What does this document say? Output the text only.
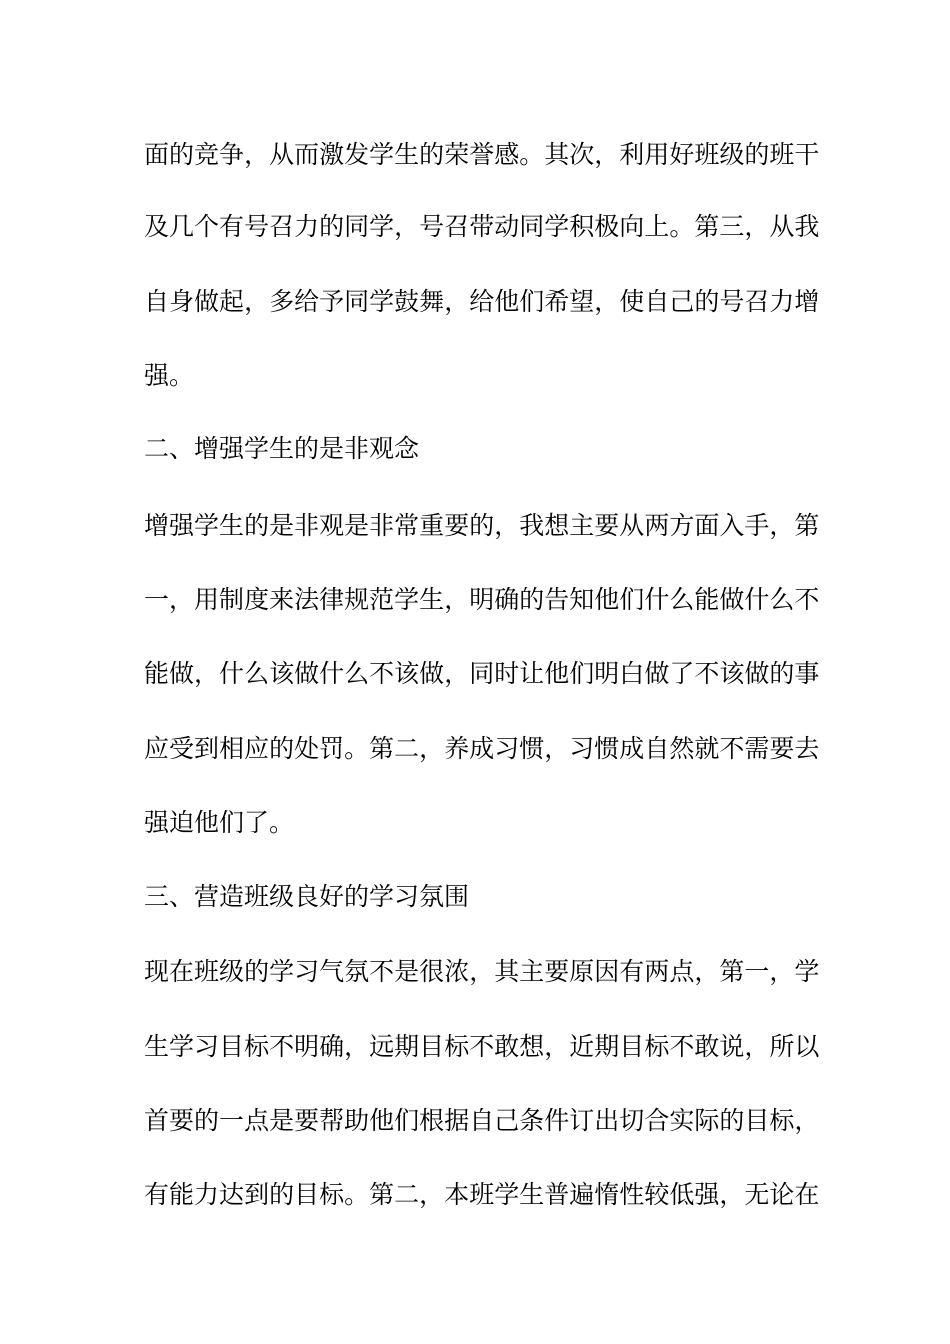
面 的 竞 争 ， 从 而 激 发 学 生 的 荣 誉 感 。 其 次 ， 利 用 好 班 级 的 班 干
及 几 个 有 号 召 力 的 同 学 ， 号 召 带 动 同 学 积 极 向 上 。 第 三 ， 从 我
自 身 做 起 ， 多 给 予 同 学 鼓 舞 ， 给 他 们 希 望 ， 使 自 己 的 号 召 力 增
强。
二、增强学生的是非观念
增 强 学 生 的 是 非 观 是 非 常 重 要 的 ， 我 想 主 要 从 两 方 面 入 手 ， 第
一 ， 用 制 度 来 法 律 规 范 学 生 ， 明 确 的 告 知 他 们 什 么 能 做 什 么 不
能 做 ， 什 么 该 做 什 么 不 该 做 ， 同 时 让 他 们 明 白 做 了 不 该 做 的 事
应 受 到 相 应 的 处 罚 。 第 二 ， 养 成 习 惯 ， 习 惯 成 自 然 就 不 需 要 去
强迫他们了。
三、营造班级良好的学习氛围
现 在 班 级 的 学 习 气 氛 不 是 很 浓 ， 其 主 要 原 因 有 两 点 ， 第 一 ， 学
生 学 习 目 标 不 明 确 ， 远 期 目 标 不 敢 想 ， 近 期 目 标 不 敢 说 ， 所 以
首 要 的 一 点 是 要 帮 助 他 们 根 据 自 己 条 件 订 出 切 合 实 际 的 目 标 ，
有 能 力 达 到 的 目 标 。 第 二 ， 本 班 学 生 普 遍 惰 性 较 低 强 ， 无 论 在
